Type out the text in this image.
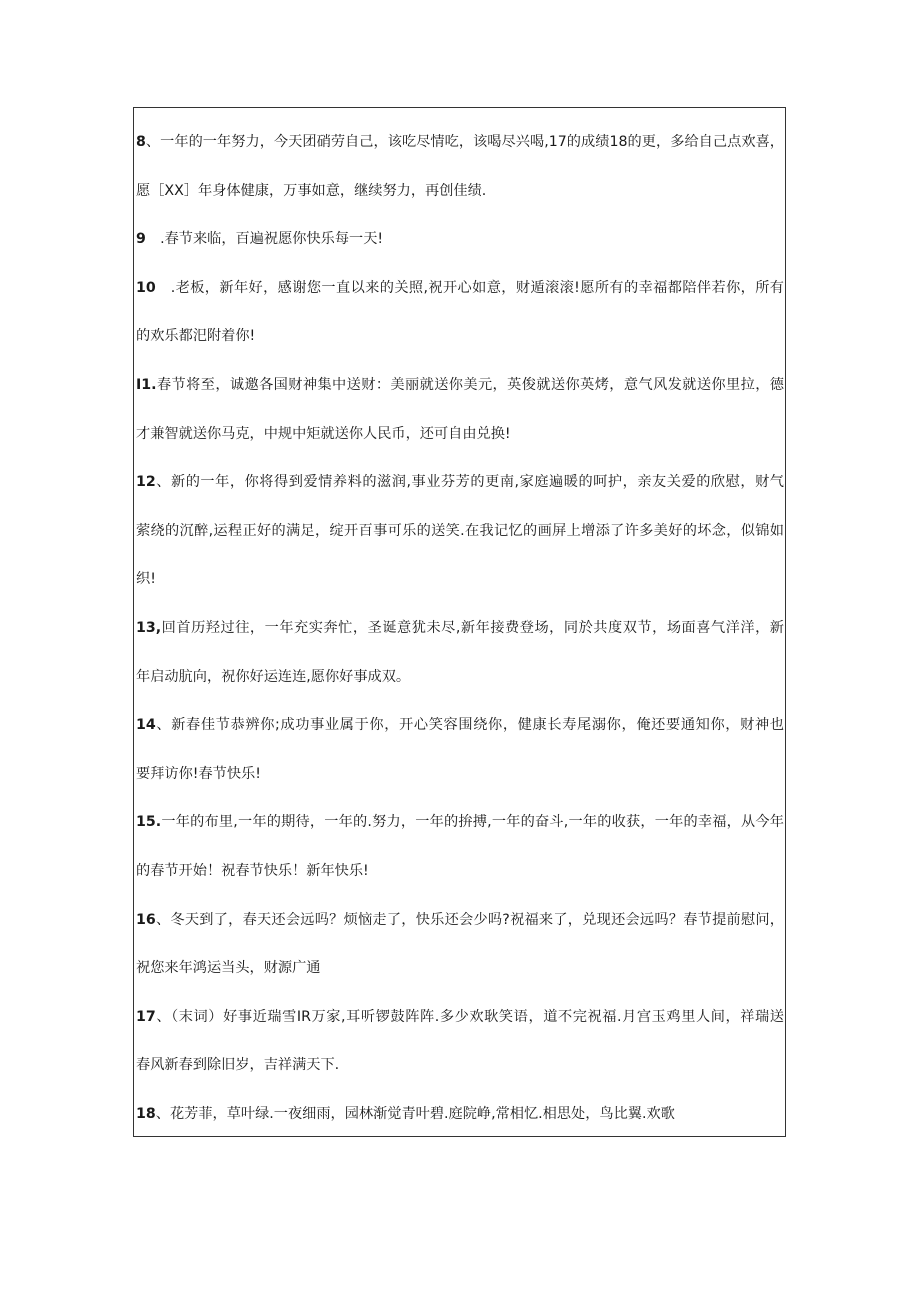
8、一年的一年努力，今天团硝劳自己，该吃尽情吃，该喝尽兴喝,17的成绩18的更，多给自己点欢喜，
愿［XX］年身体健康，万事如意，继续努力，再创佳绩.
9　.春节来临，百遍祝愿你快乐每一天!
10　.老板，新年好，感谢您一直以来的关照,祝开心如意，财遁滚滚!愿所有的幸福都陪伴若你，所有
的欢乐都汜附着你!
I1.春节将至，诚邀各国财神集中送财：美丽就送你美元，英俊就送你英烤，意气风发就送你里拉，德
才兼智就送你马克，中规中矩就送你人民币，还可自由兑换!
12、新的一年，你将得到爱情养料的滋润,事业芬芳的更南,家庭遍暖的呵护，亲友关爱的欣慰，财气
萦绕的沉醉,运程正好的满足，绽开百事可乐的送笑.在我记忆的画屏上增添了许多美好的坏念，似锦如
织!
13,回首历羟过往，一年充实奔忙，圣诞意犹未尽,新年接费登场，同於共度双节，场面喜气洋洋，新
年启动肮向，祝你好运连连,愿你好事成双。
14、新春佳节恭辨你;成功事业属于你，开心笑容围绕你，健康长寿尾溺你，俺还要通知你，财神也
要拜访你!春节快乐!
15.一年的布里,一年的期待，一年的.努力，一年的拚搏,一年的奋斗,一年的收获，一年的幸福，从今年
的春节开始！祝春节快乐！新年快乐!
16、冬天到了，春天还会远吗？烦恼走了，快乐还会少吗?祝福来了，兑现还会远吗？春节提前慰问，
祝您来年鸿运当头，财源广通
17、（末词）好事近瑞雪IR万家,耳听锣鼓阵阵.多少欢耿笑语，道不完祝福.月宫玉鸡里人间，祥瑞送
春风新春到除旧岁，吉祥满天下.
18、花芳菲，草叶绿.一夜细雨，园林渐觉青叶碧.庭院峥,常相忆.相思处，鸟比翼.欢歌
